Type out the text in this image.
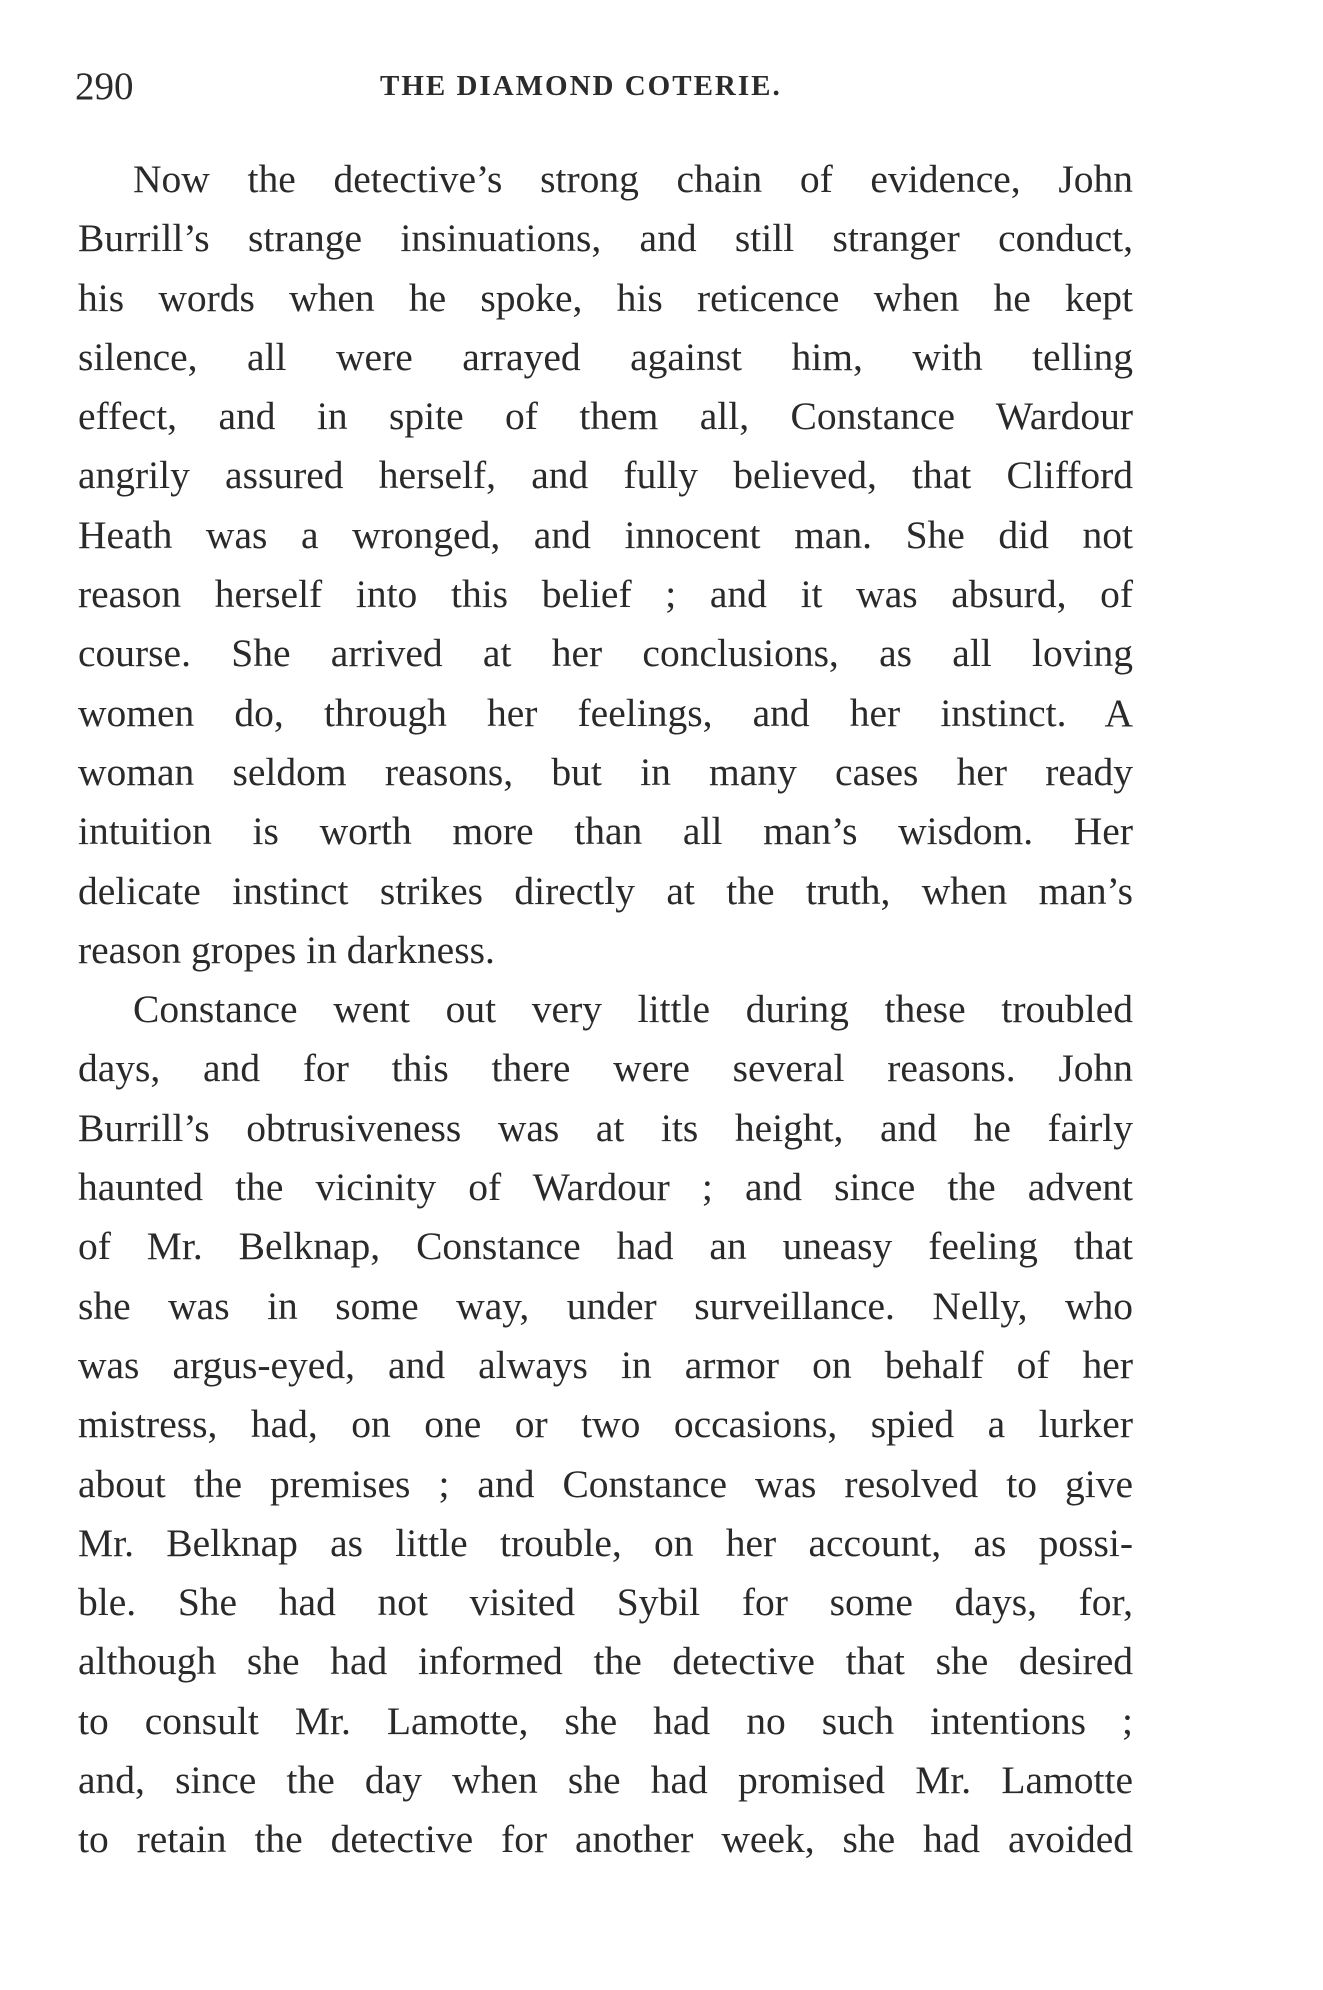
290	THE DIAMOND COTERIE.
Now the detective’s strong chain of evidence, John
Burrill’s strange insinuations, and still stranger conduct,
his words when he spoke, his reticence when he kept
silence, all were arrayed against him, with telling
effect, and in spite of them all, Constance Wardour
angrily assured herself, and fully believed, that Clifford
Heath was a wronged, and innocent man. She did not
reason herself into this belief ; and it was absurd, of
course. She arrived at her conclusions, as all loving
women do, through her feelings, and her instinct. A
woman seldom reasons, but in many cases her ready
intuition is worth more than all man’s wisdom. Her
delicate instinct strikes directly at the truth, when man’s
reason gropes in darkness.
Constance went out very little during these troubled
days, and for this there were several reasons. John
Burrill’s obtrusiveness was at its height, and he fairly
haunted the vicinity of Wardour ; and since the advent
of Mr. Belknap, Constance had an uneasy feeling that
she was in some way, under surveillance. Nelly, who
was argus-eyed, and always in armor on behalf of her
mistress, had, on one or two occasions, spied a lurker
about the premises ; and Constance was resolved to give
Mr. Belknap as little trouble, on her account, as possi-
ble. She had not visited Sybil for some days, for,
although she had informed the detective that she desired
to consult Mr. Lamotte, she had no such intentions ;
and, since the day when she had promised Mr. Lamotte
to retain the detective for another week, she had avoided
